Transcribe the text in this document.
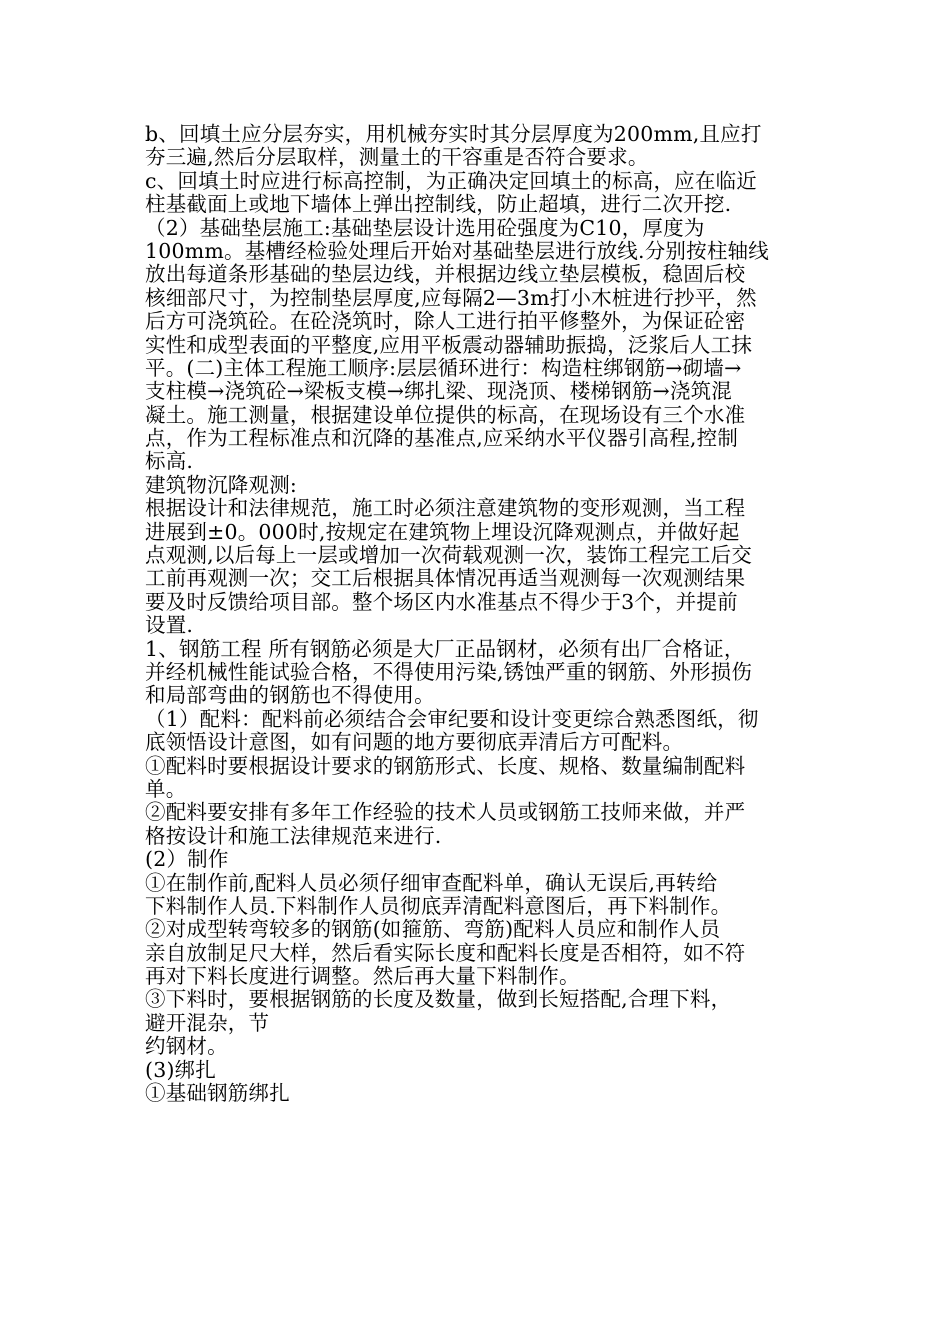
b、回填土应分层夯实，用机械夯实时其分层厚度为200mm,且应打
夯三遍,然后分层取样，测量土的干容重是否符合要求。
c、回填土时应进行标高控制，为正确决定回填土的标高，应在临近
柱基截面上或地下墙体上弹出控制线，防止超填，进行二次开挖.
（2）基础垫层施工:基础垫层设计选用砼强度为C10，厚度为
100mm。基槽经检验处理后开始对基础垫层进行放线.分别按柱轴线
放出每道条形基础的垫层边线，并根据边线立垫层模板，稳固后校
核细部尺寸，为控制垫层厚度,应每隔2—3m打小木桩进行抄平，然
后方可浇筑砼。在砼浇筑时，除人工进行拍平修整外，为保证砼密
实性和成型表面的平整度,应用平板震动器辅助振捣，泛浆后人工抹
平。(二)主体工程施工顺序:层层循环进行：构造柱绑钢筋→砌墙→
支柱模→浇筑砼→梁板支模→绑扎梁、现浇顶、楼梯钢筋→浇筑混
凝土。施工测量，根据建设单位提供的标高，在现场设有三个水准
点，作为工程标准点和沉降的基准点,应采纳水平仪器引高程,控制
标高.
建筑物沉降观测:
根据设计和法律规范，施工时必须注意建筑物的变形观测，当工程
进展到±0。000时,按规定在建筑物上埋设沉降观测点，并做好起
点观测,以后每上一层或增加一次荷载观测一次，装饰工程完工后交
工前再观测一次；交工后根据具体情况再适当观测每一次观测结果
要及时反馈给项目部。整个场区内水准基点不得少于3个，并提前
设置.
1、钢筋工程 所有钢筋必须是大厂正品钢材，必须有出厂合格证，
并经机械性能试验合格，不得使用污染,锈蚀严重的钢筋、外形损伤
和局部弯曲的钢筋也不得使用。
（1）配料：配料前必须结合会审纪要和设计变更综合熟悉图纸，彻
底领悟设计意图，如有问题的地方要彻底弄清后方可配料。
①配料时要根据设计要求的钢筋形式、长度、规格、数量编制配料
单。
②配料要安排有多年工作经验的技术人员或钢筋工技师来做，并严
格按设计和施工法律规范来进行.
(2）制作
①在制作前,配料人员必须仔细审查配料单，确认无误后,再转给
下料制作人员.下料制作人员彻底弄清配料意图后，再下料制作。
②对成型转弯较多的钢筋(如箍筋、弯筋)配料人员应和制作人员
亲自放制足尺大样，然后看实际长度和配料长度是否相符，如不符
再对下料长度进行调整。然后再大量下料制作。
③下料时，要根据钢筋的长度及数量，做到长短搭配,合理下料，
避开混杂，节
约钢材。
(3)绑扎
①基础钢筋绑扎
